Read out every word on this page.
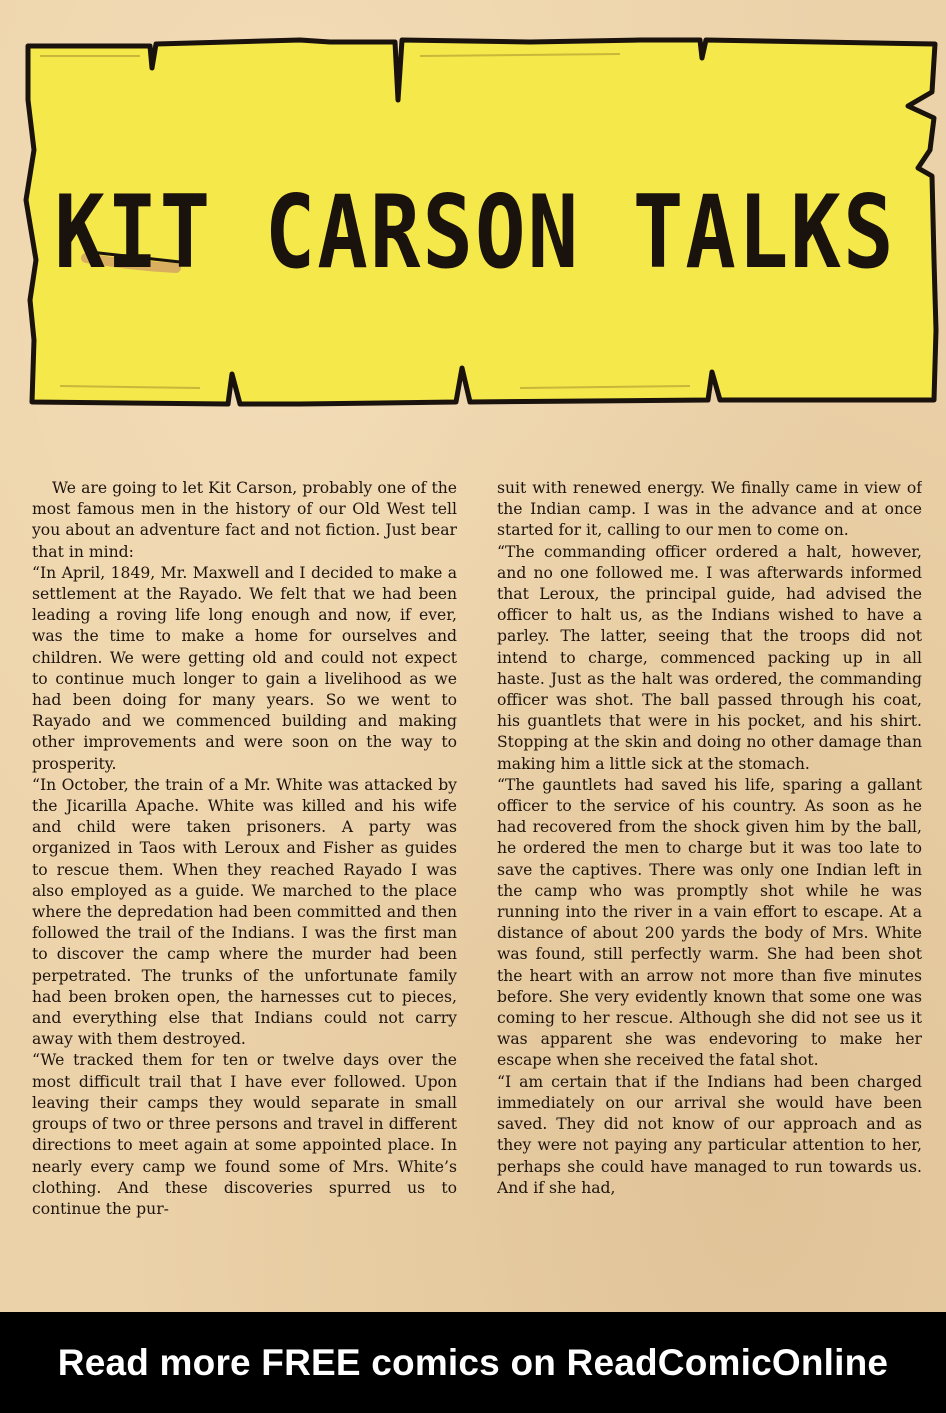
KIT CARSON TALKS

We are going to let Kit Carson, probably one of the most famous men in the history of our Old West tell you about an adventure fact and not fiction. Just bear that in mind:

“In April, 1849, Mr. Maxwell and I decided to make a settlement at the Rayado. We felt that we had been leading a roving life long enough and now, if ever, was the time to make a home for ourselves and children. We were getting old and could not expect to continue much longer to gain a livelihood as we had been doing for many years. So we went to Rayado and we commenced building and making other improvements and were soon on the way to prosperity.

“In October, the train of a Mr. White was attacked by the Jicarilla Apache. White was killed and his wife and child were taken prisoners. A party was organized in Taos with Leroux and Fisher as guides to rescue them. When they reached Rayado I was also employed as a guide. We marched to the place where the depredation had been committed and then followed the trail of the Indians. I was the first man to discover the camp where the murder had been perpetrated. The trunks of the unfortunate family had been broken open, the harnesses cut to pieces, and everything else that Indians could not carry away with them destroyed.

“We tracked them for ten or twelve days over the most difficult trail that I have ever followed. Upon leaving their camps they would separate in small groups of two or three persons and travel in different directions to meet again at some appointed place. In nearly every camp we found some of Mrs. White’s clothing. And these discoveries spurred us to continue the pur-

suit with renewed energy. We finally came in view of the Indian camp. I was in the advance and at once started for it, calling to our men to come on.

“The commanding officer ordered a halt, however, and no one followed me. I was afterwards informed that Leroux, the principal guide, had advised the officer to halt us, as the Indians wished to have a parley. The latter, seeing that the troops did not intend to charge, commenced packing up in all haste. Just as the halt was ordered, the commanding officer was shot. The ball passed through his coat, his guantlets that were in his pocket, and his shirt. Stopping at the skin and doing no other damage than making him a little sick at the stomach.

“The gauntlets had saved his life, sparing a gallant officer to the service of his country. As soon as he had recovered from the shock given him by the ball, he ordered the men to charge but it was too late to save the captives. There was only one Indian left in the camp who was promptly shot while he was running into the river in a vain effort to escape. At a distance of about 200 yards the body of Mrs. White was found, still perfectly warm. She had been shot the heart with an arrow not more than five minutes before. She very evidently known that some one was coming to her rescue. Although she did not see us it was apparent she was endevoring to make her escape when she received the fatal shot.

“I am certain that if the Indians had been charged immediately on our arrival she would have been saved. They did not know of our approach and as they were not paying any particular attention to her, perhaps she could have managed to run towards us. And if she had,

Read more FREE comics on ReadComicOnline
